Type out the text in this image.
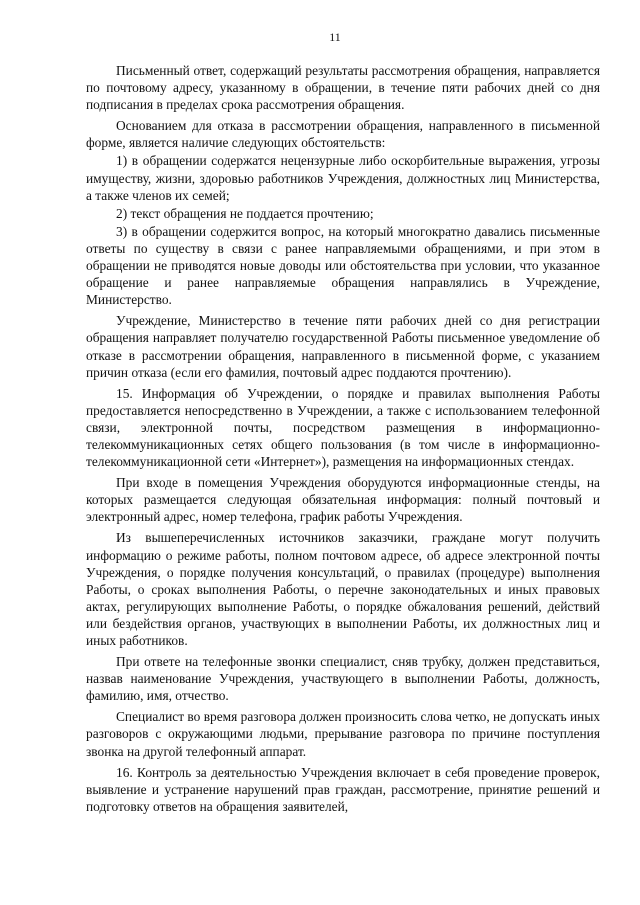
11

Письменный ответ, содержащий результаты рассмотрения обращения, направляется по почтовому адресу, указанному в обращении, в течение пяти рабочих дней со дня подписания в пределах срока рассмотрения обращения.

Основанием для отказа в рассмотрении обращения, направленного в письменной форме, является наличие следующих обстоятельств:

1) в обращении содержатся нецензурные либо оскорбительные выражения, угрозы имуществу, жизни, здоровью работников Учреждения, должностных лиц Министерства, а также членов их семей;

2) текст обращения не поддается прочтению;

3) в обращении содержится вопрос, на который многократно давались письменные ответы по существу в связи с ранее направляемыми обращениями, и при этом в обращении не приводятся новые доводы или обстоятельства при условии, что указанное обращение и ранее направляемые обращения направлялись в Учреждение, Министерство.

Учреждение, Министерство в течение пяти рабочих дней со дня регистрации обращения направляет получателю государственной Работы письменное уведомление об отказе в рассмотрении обращения, направленного в письменной форме, с указанием причин отказа (если его фамилия, почтовый адрес поддаются прочтению).

15. Информация об Учреждении, о порядке и правилах выполнения Работы предоставляется непосредственно в Учреждении, а также с использованием телефонной связи, электронной почты, посредством размещения в информационно-телекоммуникационных сетях общего пользования (в том числе в информационно-телекоммуникационной сети «Интернет»), размещения на информационных стендах.

При входе в помещения Учреждения оборудуются информационные стенды, на которых размещается следующая обязательная информация: полный почтовый и электронный адрес, номер телефона, график работы Учреждения.

Из вышеперечисленных источников заказчики, граждане могут получить информацию о режиме работы, полном почтовом адресе, об адресе электронной почты Учреждения, о порядке получения консультаций, о правилах (процедуре) выполнения Работы, о сроках выполнения Работы, о перечне законодательных и иных правовых актах, регулирующих выполнение Работы, о порядке обжалования решений, действий или бездействия органов, участвующих в выполнении Работы, их должностных лиц и иных работников.

При ответе на телефонные звонки специалист, сняв трубку, должен представиться, назвав наименование Учреждения, участвующего в выполнении Работы, должность, фамилию, имя, отчество.

Специалист во время разговора должен произносить слова четко, не допускать иных разговоров с окружающими людьми, прерывание разговора по причине поступления звонка на другой телефонный аппарат.

16. Контроль за деятельностью Учреждения включает в себя проведение проверок, выявление и устранение нарушений прав граждан, рассмотрение, принятие решений и подготовку ответов на обращения заявителей,
